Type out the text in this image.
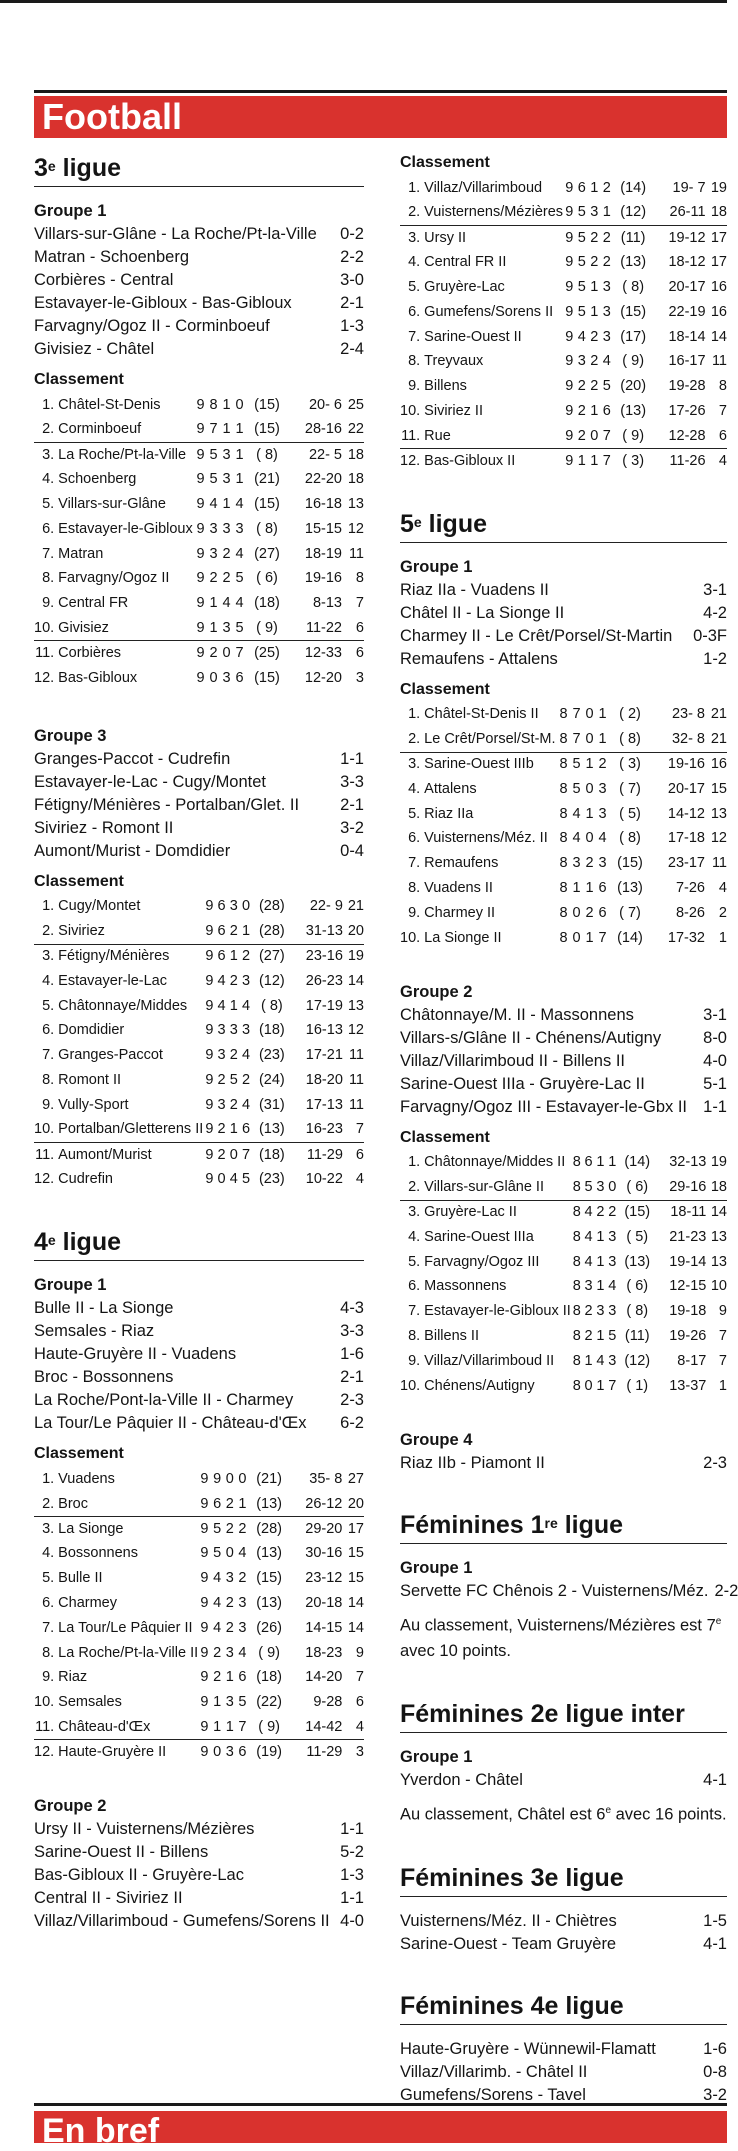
Football
3e ligue
Groupe 1
Villars-sur-Glâne - La Roche/Pt-la-Ville	0-2
Matran - Schoenberg	2-2
Corbières - Central	3-0
Estavayer-le-Gibloux - Bas-Gibloux	2-1
Farvagny/Ogoz II - Corminboeuf	1-3
Givisiez - Châtel	2-4
Classement
1.	Châtel-St-Denis	9	8	1	0	(15)	20- 6	25
2.	Corminboeuf	9	7	1	1	(15)	28-16	22
3.	La Roche/Pt-la-Ville	9	5	3	1	( 8)	22- 5	18
4.	Schoenberg	9	5	3	1	(21)	22-20	18
5.	Villars-sur-Glâne	9	4	1	4	(15)	16-18	13
6.	Estavayer-le-Gibloux	9	3	3	3	( 8)	15-15	12
7.	Matran	9	3	2	4	(27)	18-19	11
8.	Farvagny/Ogoz II	9	2	2	5	( 6)	19-16	8
9.	Central FR	9	1	4	4	(18)	8-13	7
10.	Givisiez	9	1	3	5	( 9)	11-22	6
11.	Corbières	9	2	0	7	(25)	12-33	6
12.	Bas-Gibloux	9	0	3	6	(15)	12-20	3
Groupe 3
Granges-Paccot - Cudrefin	1-1
Estavayer-le-Lac - Cugy/Montet	3-3
Fétigny/Ménières - Portalban/Glet. II	2-1
Siviriez - Romont II	3-2
Aumont/Murist - Domdidier	0-4
Classement
1.	Cugy/Montet	9	6	3	0	(28)	22- 9	21
2.	Siviriez	9	6	2	1	(28)	31-13	20
3.	Fétigny/Ménières	9	6	1	2	(27)	23-16	19
4.	Estavayer-le-Lac	9	4	2	3	(12)	26-23	14
5.	Châtonnaye/Middes	9	4	1	4	( 8)	17-19	13
6.	Domdidier	9	3	3	3	(18)	16-13	12
7.	Granges-Paccot	9	3	2	4	(23)	17-21	11
8.	Romont II	9	2	5	2	(24)	18-20	11
9.	Vully-Sport	9	3	2	4	(31)	17-13	11
10.	Portalban/Gletterens II	9	2	1	6	(13)	16-23	7
11.	Aumont/Murist	9	2	0	7	(18)	11-29	6
12.	Cudrefin	9	0	4	5	(23)	10-22	4
4e ligue
Groupe 1
Bulle II - La Sionge	4-3
Semsales - Riaz	3-3
Haute-Gruyère II - Vuadens	1-6
Broc - Bossonnens	2-1
La Roche/Pont-la-Ville II - Charmey	2-3
La Tour/Le Pâquier II - Château-d'Œx	6-2
Classement
1.	Vuadens	9	9	0	0	(21)	35- 8	27
2.	Broc	9	6	2	1	(13)	26-12	20
3.	La Sionge	9	5	2	2	(28)	29-20	17
4.	Bossonnens	9	5	0	4	(13)	30-16	15
5.	Bulle II	9	4	3	2	(15)	23-12	15
6.	Charmey	9	4	2	3	(13)	20-18	14
7.	La Tour/Le Pâquier II	9	4	2	3	(26)	14-15	14
8.	La Roche/Pt-la-Ville II	9	2	3	4	( 9)	18-23	9
9.	Riaz	9	2	1	6	(18)	14-20	7
10.	Semsales	9	1	3	5	(22)	9-28	6
11.	Château-d'Œx	9	1	1	7	( 9)	14-42	4
12.	Haute-Gruyère II	9	0	3	6	(19)	11-29	3
Groupe 2
Ursy II - Vuisternens/Mézières	1-1
Sarine-Ouest II - Billens	5-2
Bas-Gibloux II - Gruyère-Lac	1-3
Central II - Siviriez II	1-1
Villaz/Villarimboud - Gumefens/Sorens II 4-0
Classement
1.	Villaz/Villarimboud	9	6	1	2	(14)	19- 7	19
2.	Vuisternens/Mézières	9	5	3	1	(12)	26-11	18
3.	Ursy II	9	5	2	2	(11)	19-12	17
4.	Central FR II	9	5	2	2	(13)	18-12	17
5.	Gruyère-Lac	9	5	1	3	( 8)	20-17	16
6.	Gumefens/Sorens II	9	5	1	3	(15)	22-19	16
7.	Sarine-Ouest II	9	4	2	3	(17)	18-14	14
8.	Treyvaux	9	3	2	4	( 9)	16-17	11
9.	Billens	9	2	2	5	(20)	19-28	8
10.	Siviriez II	9	2	1	6	(13)	17-26	7
11.	Rue	9	2	0	7	( 9)	12-28	6
12.	Bas-Gibloux II	9	1	1	7	( 3)	11-26	4
5e ligue
Groupe 1
Riaz IIa - Vuadens II	3-1
Châtel II - La Sionge II	4-2
Charmey II - Le Crêt/Porsel/St-Martin	0-3F
Remaufens - Attalens	1-2
Classement
1.	Châtel-St-Denis II	8	7	0	1	( 2)	23- 8	21
2.	Le Crêt/Porsel/St-M.	8	7	0	1	( 8)	32- 8	21
3.	Sarine-Ouest IIIb	8	5	1	2	( 3)	19-16	16
4.	Attalens	8	5	0	3	( 7)	20-17	15
5.	Riaz IIa	8	4	1	3	( 5)	14-12	13
6.	Vuisternens/Méz. II	8	4	0	4	( 8)	17-18	12
7.	Remaufens	8	3	2	3	(15)	23-17	11
8.	Vuadens II	8	1	1	6	(13)	7-26	4
9.	Charmey II	8	0	2	6	( 7)	8-26	2
10.	La Sionge II	8	0	1	7	(14)	17-32	1
Groupe 2
Châtonnaye/M. II - Massonnens	3-1
Villars-s/Glâne II - Chénens/Autigny	8-0
Villaz/Villarimboud II - Billens II	4-0
Sarine-Ouest IIIa - Gruyère-Lac II	5-1
Farvagny/Ogoz III - Estavayer-le-Gbx II 1-1
Classement
1.	Châtonnaye/Middes II	8	6	1	1	(14)	32-13	19
2.	Villars-sur-Glâne II	8	5	3	0	( 6)	29-16	18
3.	Gruyère-Lac II	8	4	2	2	(15)	18-11	14
4.	Sarine-Ouest IIIa	8	4	1	3	( 5)	21-23	13
5.	Farvagny/Ogoz III	8	4	1	3	(13)	19-14	13
6.	Massonnens	8	3	1	4	( 6)	12-15	10
7.	Estavayer-le-Gibloux II	8	2	3	3	( 8)	19-18	9
8.	Billens II	8	2	1	5	(11)	19-26	7
9.	Villaz/Villarimboud II	8	1	4	3	(12)	8-17	7
10.	Chénens/Autigny	8	0	1	7	( 1)	13-37	1
Groupe 4
Riaz IIb - Piamont II	2-3
Féminines 1re ligue
Groupe 1
Servette FC Chênois 2 - Vuisternens/Méz. 2-2

Au classement, Vuisternens/Mézières est 7e
avec 10 points.

Féminines 2e ligue inter
Groupe 1
Yverdon - Châtel	4-1

Au classement, Châtel est 6e avec 16 points.

Féminines 3e ligue
Vuisternens/Méz. II - Chiètres	1-5
Sarine-Ouest - Team Gruyère	4-1
Féminines 4e ligue
Haute-Gruyère - Wünnewil-Flamatt	1-6
Villaz/Villarimb. - Châtel II	0-8
Gumefens/Sorens - Tavel	3-2
En bref
